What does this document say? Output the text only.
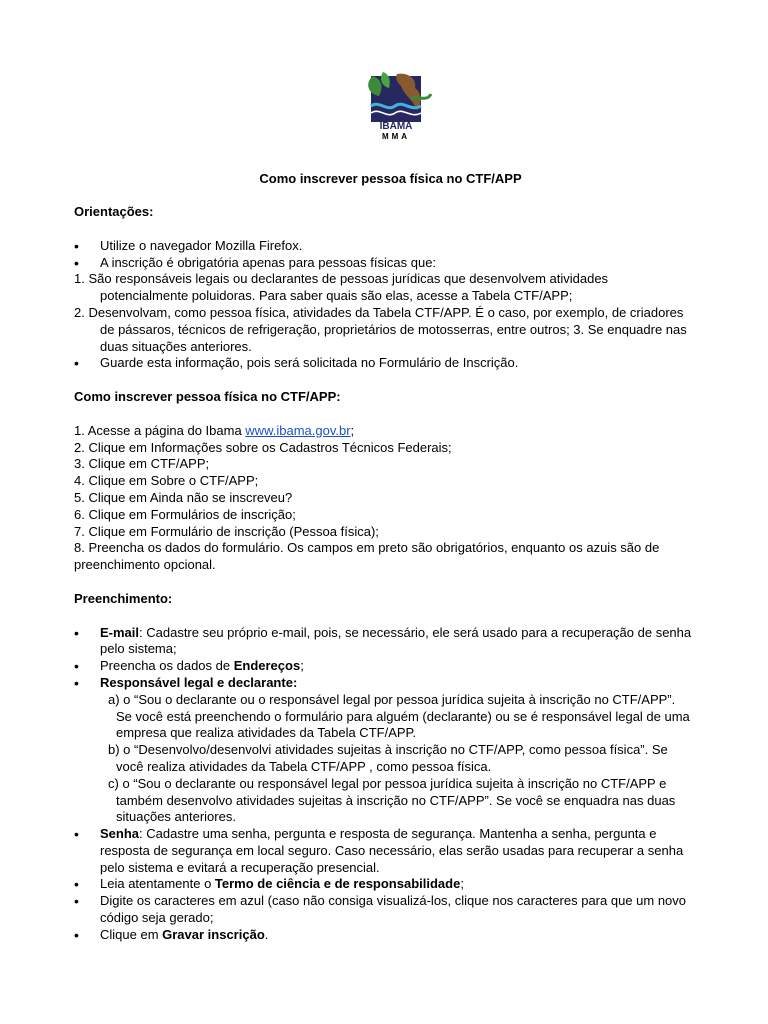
IBAMA
MMA
Como inscrever pessoa física no CTF/APP
Orientações:
• Utilize o navegador Mozilla Firefox.
• A inscrição é obrigatória apenas para pessoas físicas que:
1. São responsáveis legais ou declarantes de pessoas jurídicas que desenvolvem atividades potencialmente poluidoras. Para saber quais são elas, acesse a Tabela CTF/APP;
2. Desenvolvam, como pessoa física, atividades da Tabela CTF/APP. É o caso, por exemplo, de criadores de pássaros, técnicos de refrigeração, proprietários de motosserras, entre outros; 3. Se enquadre nas duas situações anteriores.
• Guarde esta informação, pois será solicitada no Formulário de Inscrição.
Como inscrever pessoa física no CTF/APP:
1. Acesse a página do Ibama www.ibama.gov.br;
2. Clique em Informações sobre os Cadastros Técnicos Federais;
3. Clique em CTF/APP;
4. Clique em Sobre o CTF/APP;
5. Clique em Ainda não se inscreveu?
6. Clique em Formulários de inscrição;
7. Clique em Formulário de inscrição (Pessoa física);
8. Preencha os dados do formulário. Os campos em preto são obrigatórios, enquanto os azuis são de preenchimento opcional.
Preenchimento:
• E-mail: Cadastre seu próprio e-mail, pois, se necessário, ele será usado para a recuperação de senha pelo sistema;
• Preencha os dados de Endereços;
• Responsável legal e declarante:
a) o “Sou o declarante ou o responsável legal por pessoa jurídica sujeita à inscrição no CTF/APP”. Se você está preenchendo o formulário para alguém (declarante) ou se é responsável legal de uma empresa que realiza atividades da Tabela CTF/APP.
b) o “Desenvolvo/desenvolvi atividades sujeitas à inscrição no CTF/APP, como pessoa física”. Se você realiza atividades da Tabela CTF/APP , como pessoa física.
c) o “Sou o declarante ou responsável legal por pessoa jurídica sujeita à inscrição no CTF/APP e também desenvolvo atividades sujeitas à inscrição no CTF/APP”. Se você se enquadra nas duas situações anteriores.
• Senha: Cadastre uma senha, pergunta e resposta de segurança. Mantenha a senha, pergunta e resposta de segurança em local seguro. Caso necessário, elas serão usadas para recuperar a senha pelo sistema e evitará a recuperação presencial.
• Leia atentamente o Termo de ciência e de responsabilidade;
• Digite os caracteres em azul (caso não consiga visualizá-los, clique nos caracteres para que um novo código seja gerado;
• Clique em Gravar inscrição.
